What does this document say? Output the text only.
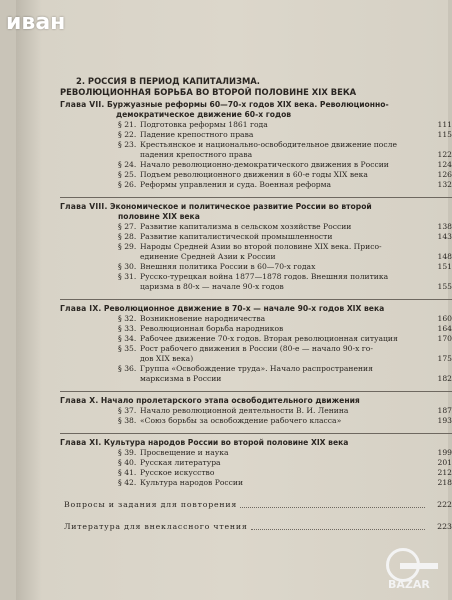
2. РОССИЯ В ПЕРИОД КАПИТАЛИЗМА.
РЕВОЛЮЦИОННАЯ БОРЬБА ВО ВТОРОЙ ПОЛОВИНЕ XIX ВЕКА
Глава VII.
Буржуазные реформы 60—70-х годов XIX века. Революционно-
демократическое движение 60-х годов
§ 21. Подготовка реформы 1861 года	111
§ 22. Падение крепостного права	115
§ 23. Крестьянское и национально-освободительное движение после
падения крепостного права	122
§ 24. Начало революционно-демократического движения в России	124
§ 25. Подъем революционного движения в 60-е годы XIX века	126
§ 26. Реформы управления и суда. Военная реформа	132
Глава VIII.
Экономическое и политическое развитие России во второй
половине XIX века
§ 27. Развитие капитализма в сельском хозяйстве России	138
§ 28. Развитие капиталистической промышленности	143
§ 29. Народы Средней Азии во второй половине XIX века. Присо-
единение Средней Азии к России	148
§ 30. Внешняя политика России в 60—70-х годах	151
§ 31. Русско-турецкая война 1877—1878 годов. Внешняя политика
царизма в 80-х — начале 90-х годов	155
Глава IX.
Революционное движение в 70-х — начале 90-х годов XIX века
§ 32. Возникновение народничества	160
§ 33. Революционная борьба народников	164
§ 34. Рабочее движение 70-х годов. Вторая революционная ситуация	170
§ 35. Рост рабочего движения в России (80-е — начало 90-х го-
дов XIX века)	175
§ 36. Группа «Освобождение труда». Начало распространения
марксизма в России	182
Глава X.
Начало пролетарского этапа освободительного движения
§ 37. Начало революционной деятельности В. И. Ленина	187
§ 38. «Союз борьбы за освобождение рабочего класса»	193
Глава XI.
Культура народов России во второй половине XIX века
§ 39. Просвещение и наука	199
§ 40. Русская литература	201
§ 41. Русское искусство	212
§ 42. Культура народов России	218
Вопросы и задания для повторения	222
Литература для внеклассного чтения	223
иван
BAZAR
